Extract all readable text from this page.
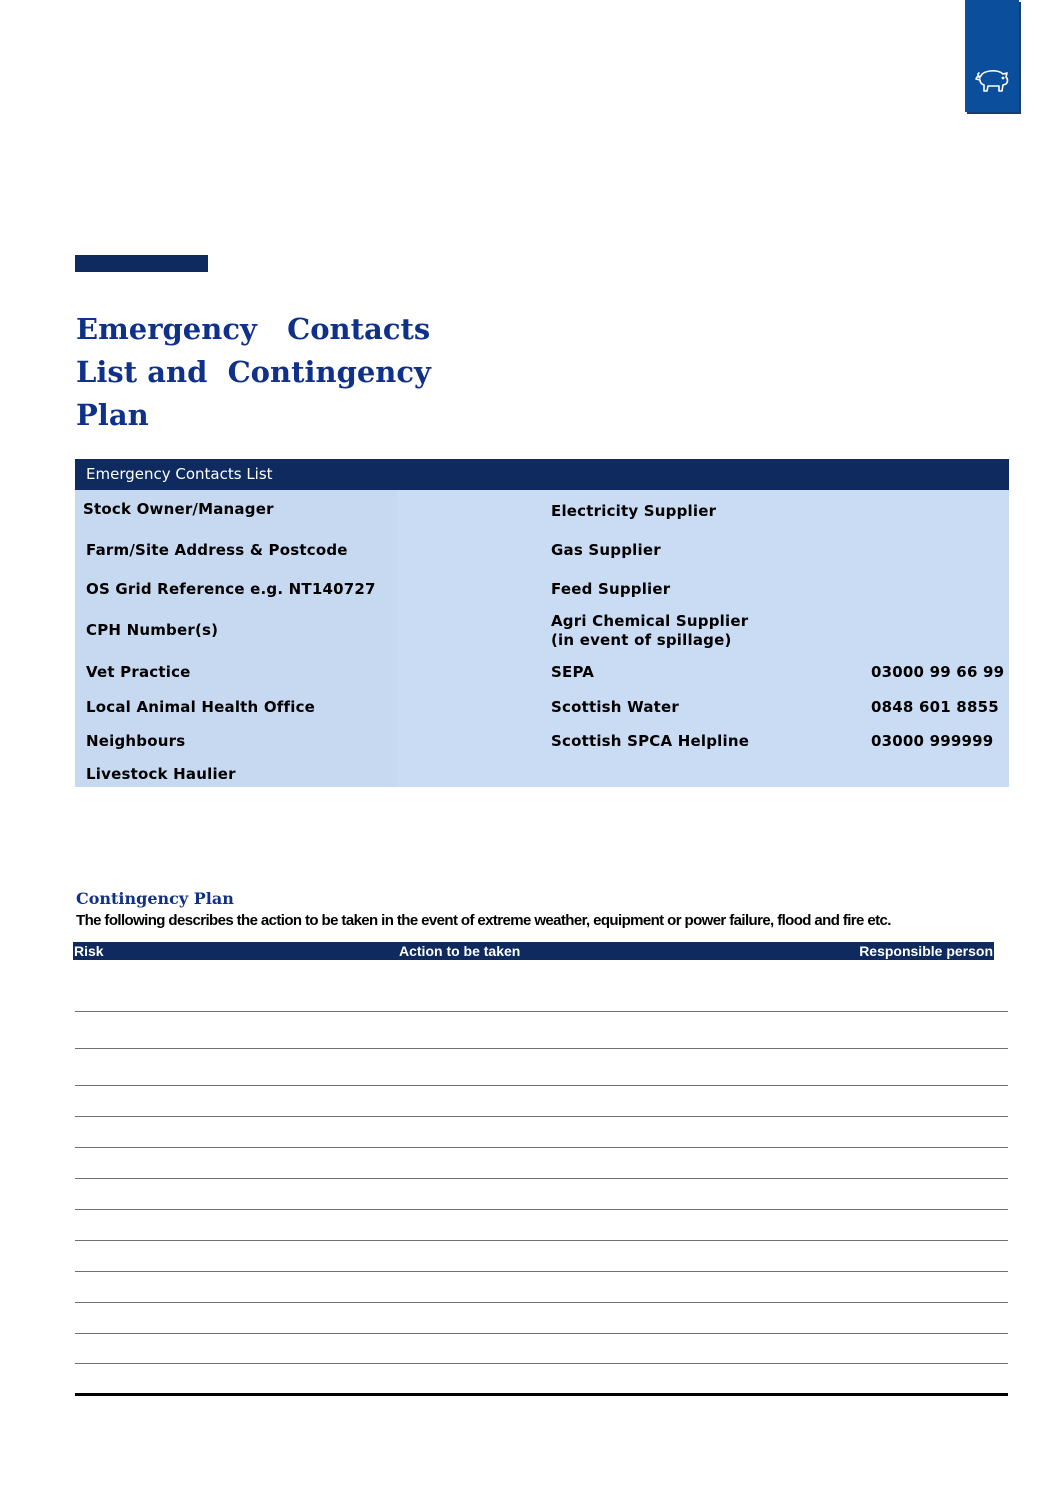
Emergency   Contacts
List and  Contingency
Plan
Emergency Contacts List
Stock Owner/Manager
Farm/Site Address & Postcode
OS Grid Reference e.g. NT140727
CPH Number(s)
Vet Practice
Local Animal Health Office
Neighbours
Livestock Haulier
Electricity Supplier
Gas Supplier
Feed Supplier
Agri Chemical Supplier
(in event of spillage)
SEPA
Scottish Water
Scottish SPCA Helpline
03000 99 66 99
0848 601 8855
03000 999999
Contingency Plan

The following describes the action to be taken in the event of extreme weather, equipment or power failure, flood and fire etc.

Risk	Action to be taken	Responsible person
